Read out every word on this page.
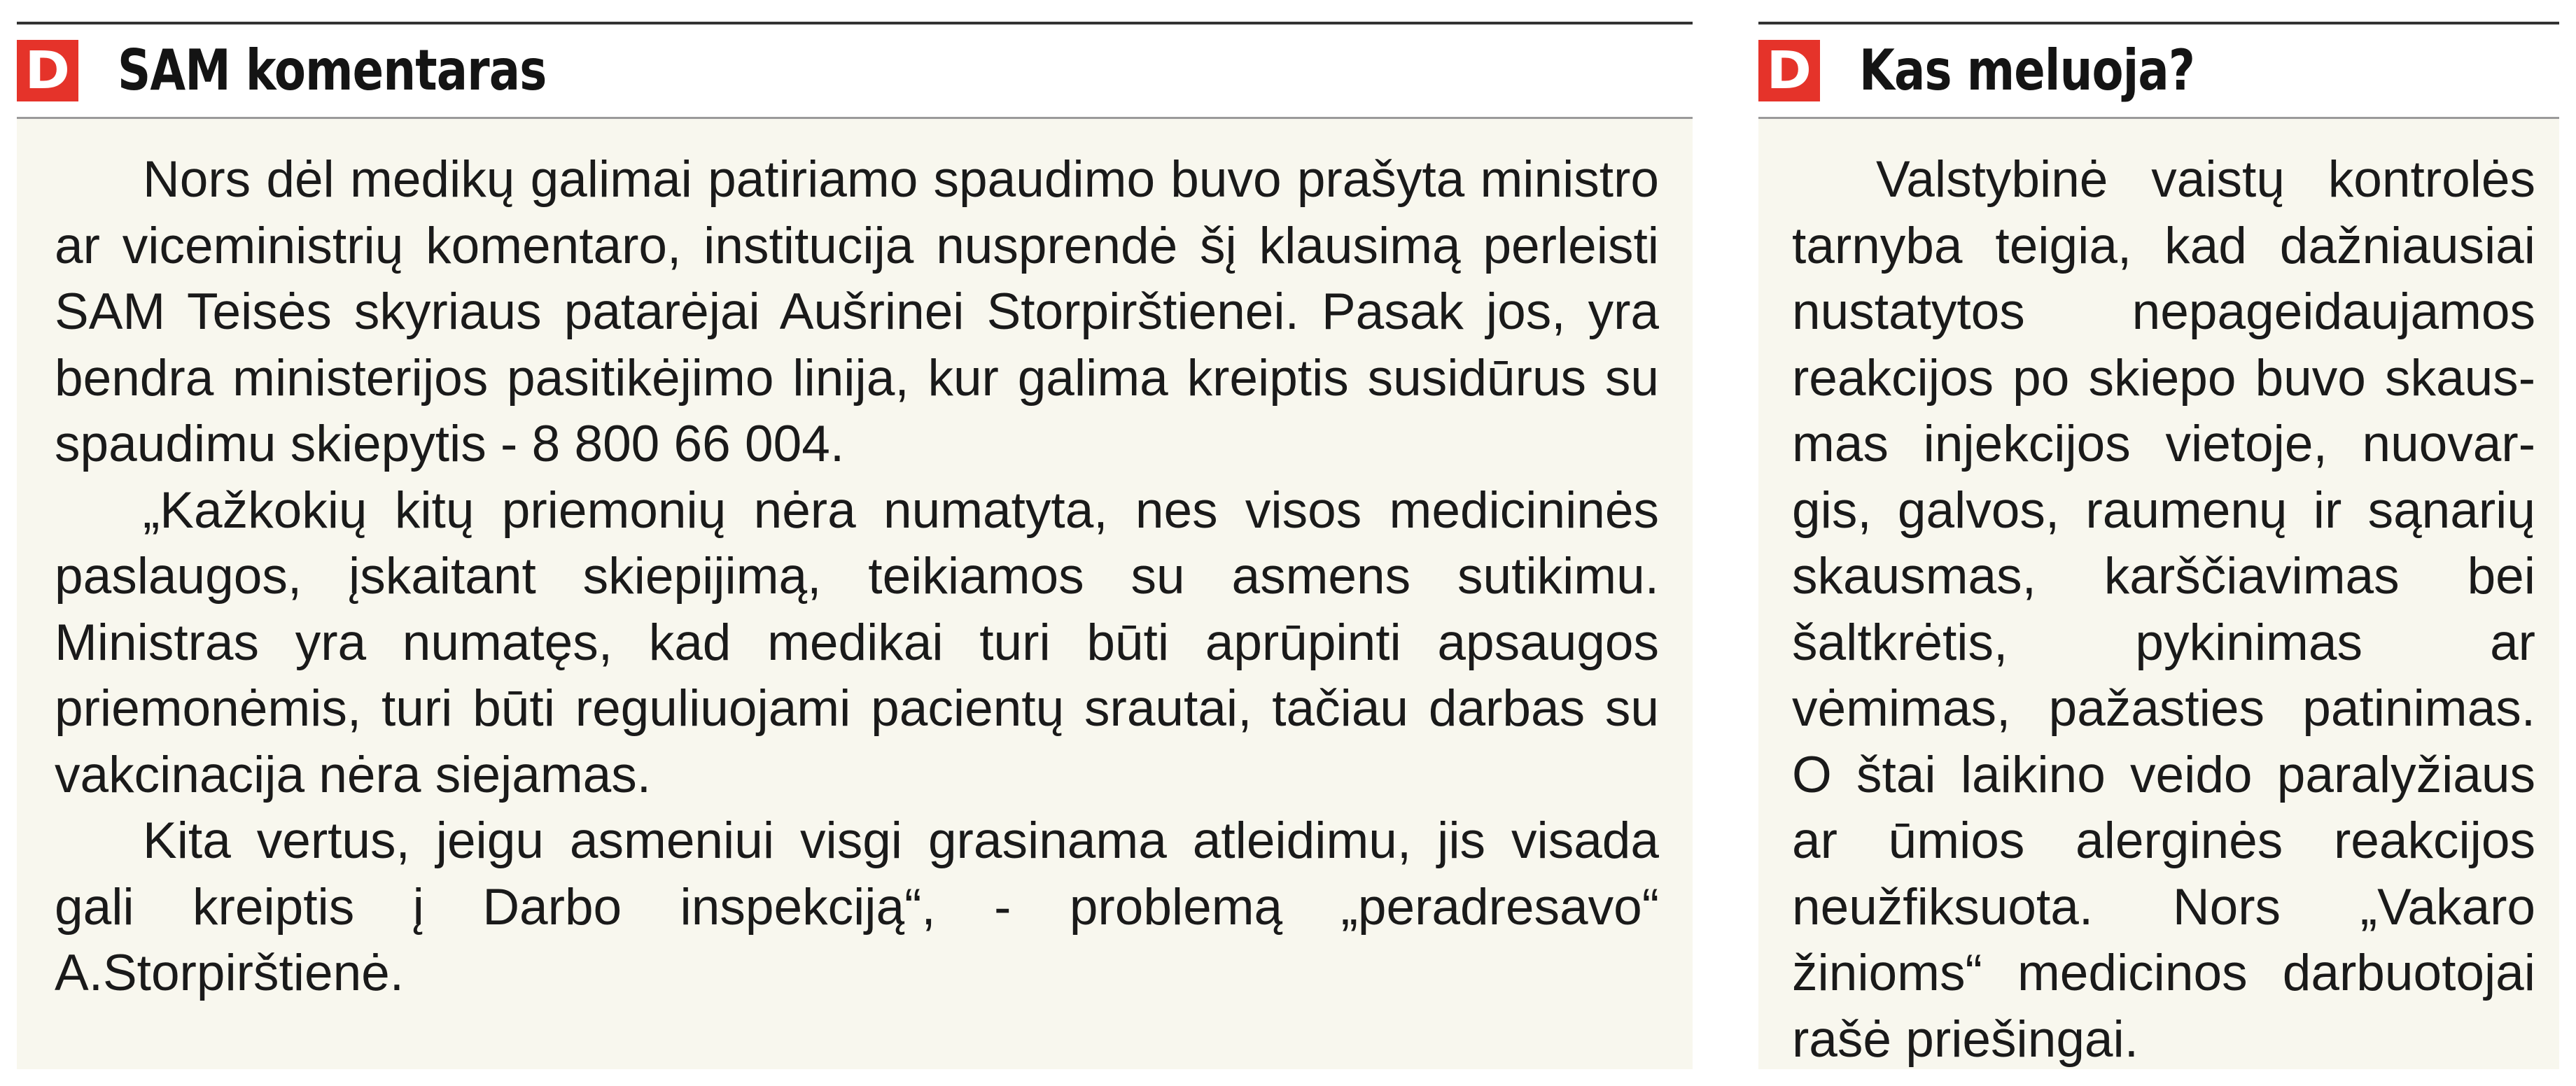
D SAM komentaras

Nors dėl medikų galimai patiriamo spaudimo buvo prašyta ministro ar viceministrių komentaro, institucija nusprendė šį klausimą perleisti SAM Teisės skyriaus patarėjai Aušrinei Storpirštienei. Pasak jos, yra bendra ministerijos pasitikėjimo linija, kur galima kreiptis susidūrus su spaudimu skiepytis - 8 800 66 004.

„Kažkokių kitų priemonių nėra numatyta, nes visos medicininės paslaugos, įskaitant skiepijimą, teikiamos su asmens sutikimu. Ministras yra numatęs, kad medikai turi būti aprūpinti apsaugos priemonėmis, turi būti reguliuojami pacientų srautai, tačiau darbas su vakcinacija nėra siejamas.

Kita vertus, jeigu asmeniui visgi grasinama atleidimu, jis visada gali kreiptis į Darbo inspekciją“, - problemą „peradresavo“ A.Storpirštienė.

D Kas meluoja?

Valstybinė vaistų kontrolės tarnyba teigia, kad dažniausiai nustatytos nepageidaujamos reakcijos po skiepo buvo skausmas injekcijos vietoje, nuovargis, galvos, raumenų ir sąnarių skausmas, karščiavimas bei šaltkrėtis, pykinimas ar vėmimas, pažasties patinimas. O štai laikino veido paralyžiaus ar ūmios alerginės reakcijos neužfiksuota. Nors „Vakaro žinioms“ medicinos darbuotojai rašė priešingai.
